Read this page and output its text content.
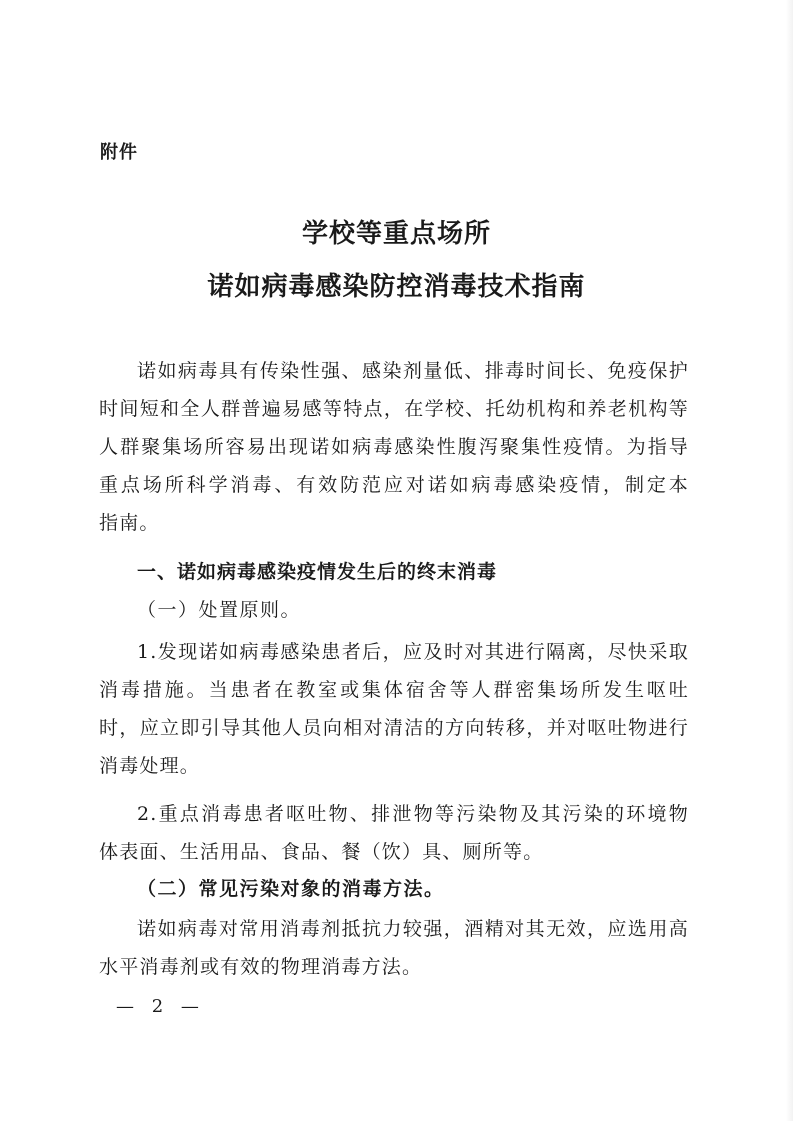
附件
学校等重点场所
诺如病毒感染防控消毒技术指南
诺如病毒具有传染性强、感染剂量低、排毒时间长、免疫保护
时间短和全人群普遍易感等特点，在学校、托幼机构和养老机构等
人群聚集场所容易出现诺如病毒感染性腹泻聚集性疫情。为指导
重点场所科学消毒、有效防范应对诺如病毒感染疫情，制定本
指南。
一、诺如病毒感染疫情发生后的终末消毒
（一）处置原则。
1.发现诺如病毒感染患者后，应及时对其进行隔离，尽快采取
消毒措施。当患者在教室或集体宿舍等人群密集场所发生呕吐
时，应立即引导其他人员向相对清洁的方向转移，并对呕吐物进行
消毒处理。
2.重点消毒患者呕吐物、排泄物等污染物及其污染的环境物
体表面、生活用品、食品、餐（饮）具、厕所等。
（二）常见污染对象的消毒方法。
诺如病毒对常用消毒剂抵抗力较强，酒精对其无效，应选用高
水平消毒剂或有效的物理消毒方法。
— 2 —
